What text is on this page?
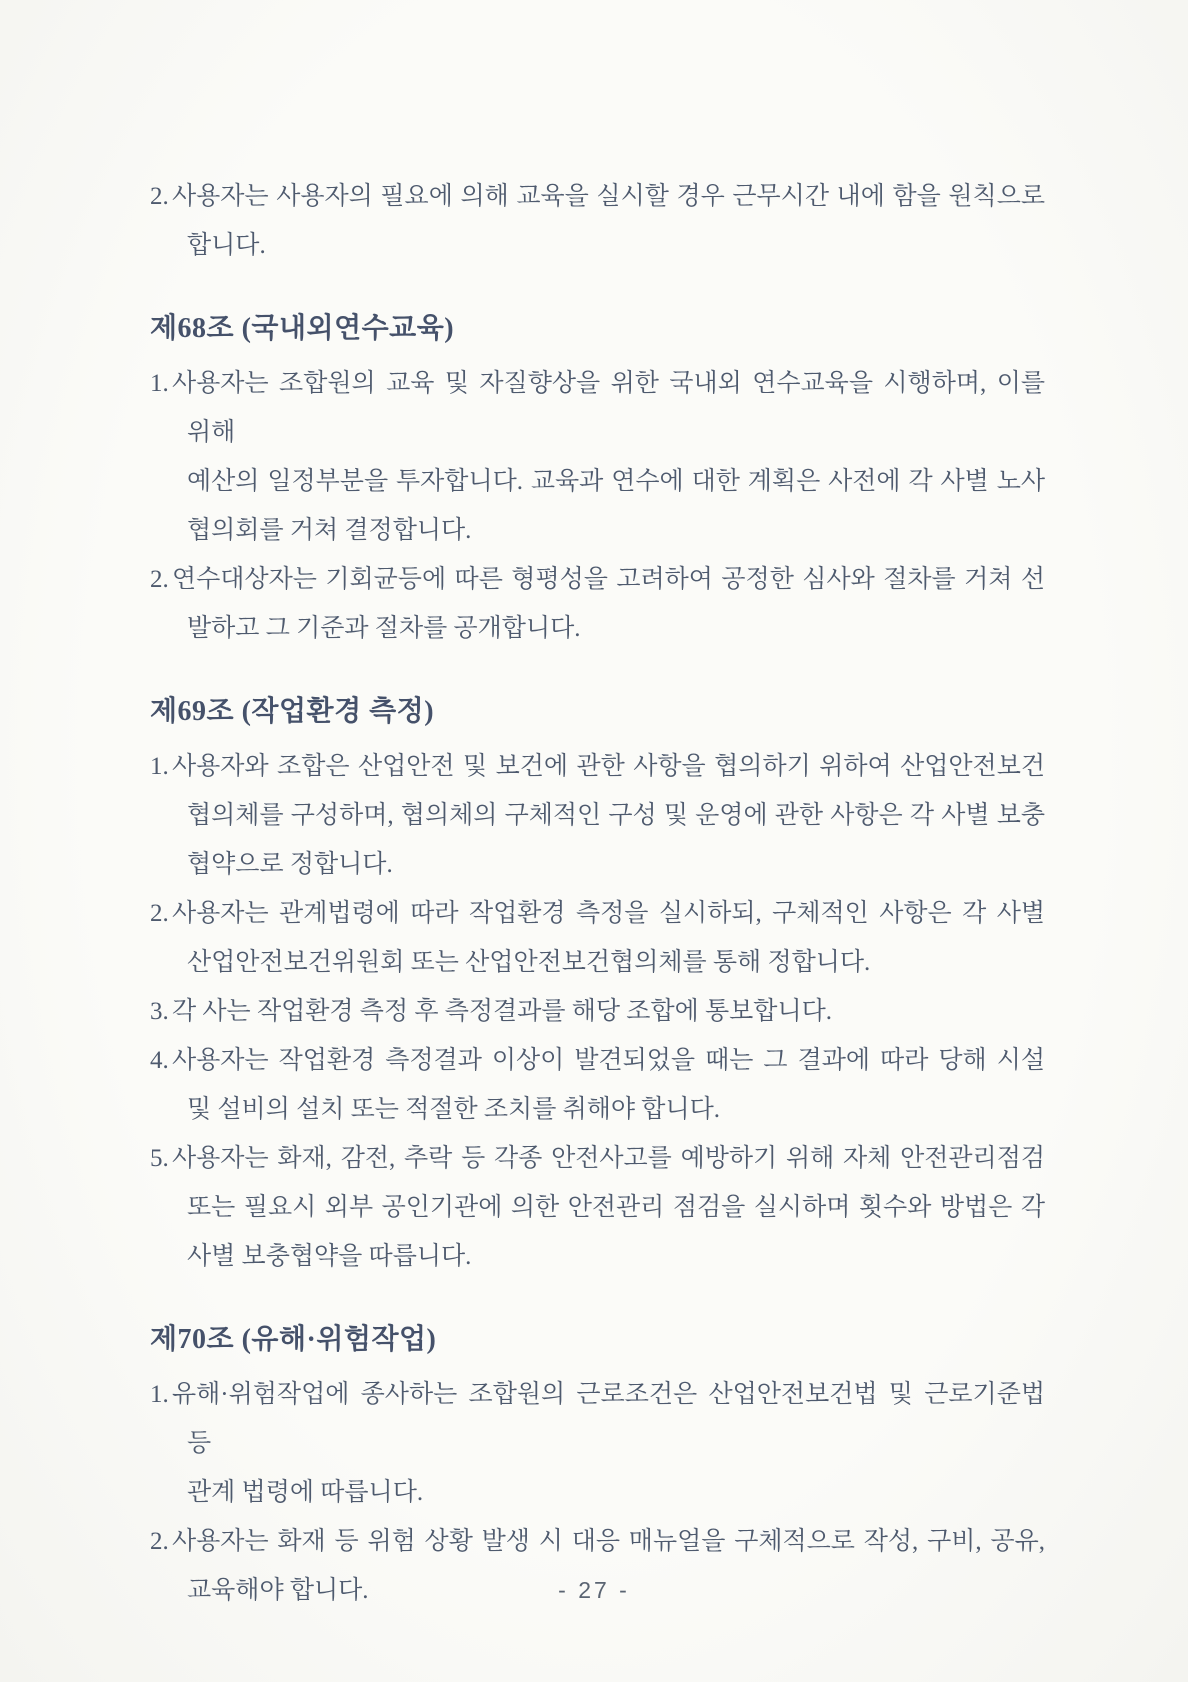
2. 사용자는 사용자의 필요에 의해 교육을 실시할 경우 근무시간 내에 함을 원칙으로
합니다.
제68조 (국내외연수교육)
1. 사용자는 조합원의 교육 및 자질향상을 위한 국내외 연수교육을 시행하며, 이를 위해
예산의 일정부분을 투자합니다. 교육과 연수에 대한 계획은 사전에 각 사별 노사
협의회를 거쳐 결정합니다.
2. 연수대상자는 기회균등에 따른 형평성을 고려하여 공정한 심사와 절차를 거쳐 선
발하고 그 기준과 절차를 공개합니다.
제69조 (작업환경 측정)
1. 사용자와 조합은 산업안전 및 보건에 관한 사항을 협의하기 위하여 산업안전보건
협의체를 구성하며, 협의체의 구체적인 구성 및 운영에 관한 사항은 각 사별 보충
협약으로 정합니다.
2. 사용자는 관계법령에 따라 작업환경 측정을 실시하되, 구체적인 사항은 각 사별
산업안전보건위원회 또는 산업안전보건협의체를 통해 정합니다.
3. 각 사는 작업환경 측정 후 측정결과를 해당 조합에 통보합니다.
4. 사용자는 작업환경 측정결과 이상이 발견되었을 때는 그 결과에 따라 당해 시설
및 설비의 설치 또는 적절한 조치를 취해야 합니다.
5. 사용자는 화재, 감전, 추락 등 각종 안전사고를 예방하기 위해 자체 안전관리점검
또는 필요시 외부 공인기관에 의한 안전관리 점검을 실시하며 횟수와 방법은 각
사별 보충협약을 따릅니다.
제70조 (유해·위험작업)
1. 유해·위험작업에 종사하는 조합원의 근로조건은 산업안전보건법 및 근로기준법 등
관계 법령에 따릅니다.
2. 사용자는 화재 등 위험 상황 발생 시 대응 매뉴얼을 구체적으로 작성, 구비, 공유,
교육해야 합니다.	- 27 -
